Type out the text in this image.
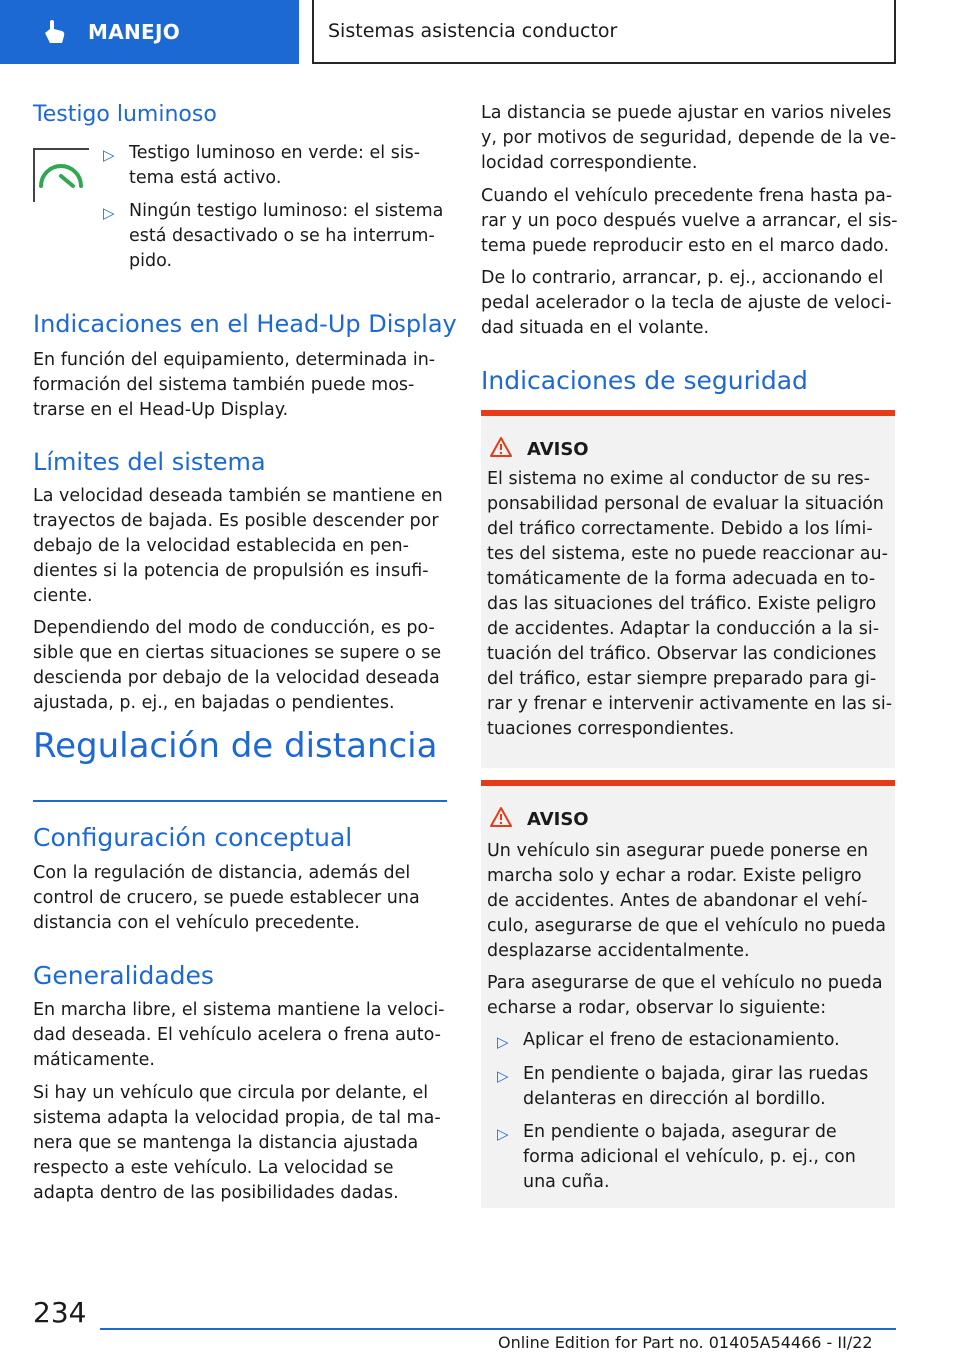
MANEJO	Sistemas asistencia conductor
Testigo luminoso
▷ Testigo luminoso en verde: el sis-
tema está activo.
▷ Ningún testigo luminoso: el sistema
está desactivado o se ha interrum-
pido.
Indicaciones en el Head-Up Display
En función del equipamiento, determinada in-
formación del sistema también puede mos-
trarse en el Head-Up Display.
Límites del sistema
La velocidad deseada también se mantiene en
trayectos de bajada. Es posible descender por
debajo de la velocidad establecida en pen-
dientes si la potencia de propulsión es insufi-
ciente.
Dependiendo del modo de conducción, es po-
sible que en ciertas situaciones se supere o se
descienda por debajo de la velocidad deseada
ajustada, p. ej., en bajadas o pendientes.
Regulación de distancia
Configuración conceptual
Con la regulación de distancia, además del
control de crucero, se puede establecer una
distancia con el vehículo precedente.
Generalidades
En marcha libre, el sistema mantiene la veloci-
dad deseada. El vehículo acelera o frena auto-
máticamente.
Si hay un vehículo que circula por delante, el
sistema adapta la velocidad propia, de tal ma-
nera que se mantenga la distancia ajustada
respecto a este vehículo. La velocidad se
adapta dentro de las posibilidades dadas.
La distancia se puede ajustar en varios niveles
y, por motivos de seguridad, depende de la ve-
locidad correspondiente.
Cuando el vehículo precedente frena hasta pa-
rar y un poco después vuelve a arrancar, el sis-
tema puede reproducir esto en el marco dado.
De lo contrario, arrancar, p. ej., accionando el
pedal acelerador o la tecla de ajuste de veloci-
dad situada en el volante.
Indicaciones de seguridad
AVISO
El sistema no exime al conductor de su res-
ponsabilidad personal de evaluar la situación
del tráfico correctamente. Debido a los lími-
tes del sistema, este no puede reaccionar au-
tomáticamente de la forma adecuada en to-
das las situaciones del tráfico. Existe peligro
de accidentes. Adaptar la conducción a la si-
tuación del tráfico. Observar las condiciones
del tráfico, estar siempre preparado para gi-
rar y frenar e intervenir activamente en las si-
tuaciones correspondientes.
AVISO
Un vehículo sin asegurar puede ponerse en
marcha solo y echar a rodar. Existe peligro
de accidentes. Antes de abandonar el vehí-
culo, asegurarse de que el vehículo no pueda
desplazarse accidentalmente.
Para asegurarse de que el vehículo no pueda
echarse a rodar, observar lo siguiente:
▷ Aplicar el freno de estacionamiento.
▷ En pendiente o bajada, girar las ruedas
delanteras en dirección al bordillo.
▷ En pendiente o bajada, asegurar de
forma adicional el vehículo, p. ej., con
una cuña.
234
Online Edition for Part no. 01405A54466 - II/22
